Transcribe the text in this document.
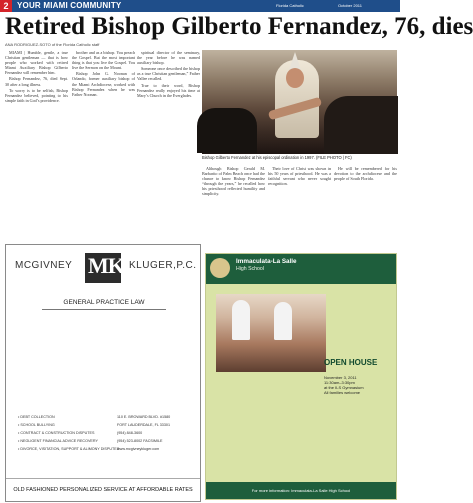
2	YOUR MIAMI COMMUNITY	Florida Catholic	October 2011
Retired Bishop Gilberto Fernandez, 76, dies
ANA RODRIGUEZ-SOTO of the Florida Catholic staff

MIAMI | Humble, gentle, a true Christian gentleman — that is how people who worked with retired Miami Auxiliary Bishop Gilberto Fernandez will remember him.

Bishop Fernandez, 76, died Sept. 30 after a long illness.

To worry is to be selfish, Bishop Fernandez believed, pointing to his simple faith in God’s providence.

brother and as a bishop. You preach the Gospel. But the most important thing is that you live the Gospel. You live the Sermon on the Mount.

Bishop John G. Noonan of Orlando, former auxiliary bishop of the Miami Archdiocese, worked with Bishop Fernandez when he was Father Noonan.

spiritual director of the seminary, the year before he was named auxiliary bishop.

Someone once described the bishop as a true Christian gentleman,” Father Vallee recalled.

True to their word, Bishop Fernandez really enjoyed his time at Mary’s Church in the Everglades.

Bishop Gilberto Fernandez at his episcopal ordination in 1997. (FILE PHOTO | FC)

Although Bishop Gerald M. Barbarito of Palm Beach once had the chance to know Bishop Fernandez “through the years,” he recalled how his priesthood reflected humility and simplicity.

Their love of Christ was shown in his 50 years of priesthood. He was a faithful servant who never sought recognition.

He will be remembered for his devotion to the archdiocese and the people of South Florida.

MCGIVNEY MK KLUGER,P.C.
GENERAL PRACTICE LAW
• DEBT COLLECTION
• SCHOOL BULLYING
• CONTRACT & CONSTRUCTION DISPUTES
• NEGLIGENT FINANCIAL ADVICE RECOVERY
• DIVORCE, VISITATION, SUPPORT & ALIMONY DISPUTES
110 E. BROWARD BLVD. #1580
FORT LAUDERDALE, FL 33301
(954) 848-3600
(954) 523-8002 FACSIMILE
www.mcgivneykluger.com
OLD FASHIONED PERSONALIZED SERVICE AT AFFORDABLE RATES
Immaculata-La Salle
High School
OPEN HOUSE
November 3, 2011
11:30am–3:30pm
at the ILS Gymnasium
All families welcome
For more information: Immaculata-La Salle High School
